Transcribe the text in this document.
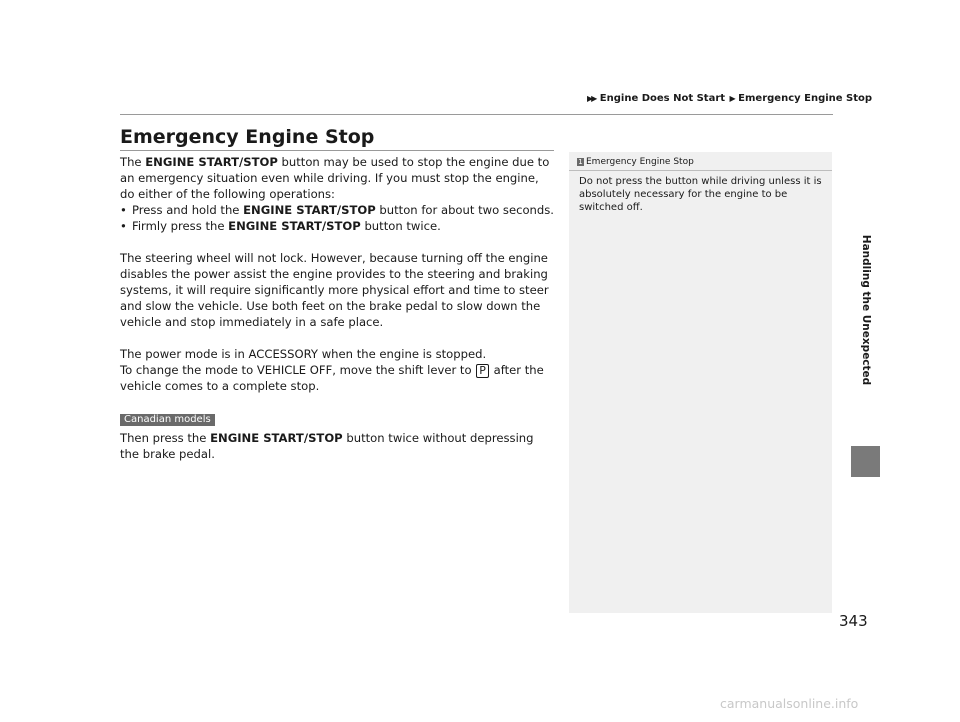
▶▶ Engine Does Not Start ▶ Emergency Engine Stop
Emergency Engine Stop

The ENGINE START/STOP button may be used to stop the engine due to an emergency situation even while driving. If you must stop the engine, do either of the following operations:

• Press and hold the ENGINE START/STOP button for about two seconds.
• Firmly press the ENGINE START/STOP button twice.

The steering wheel will not lock. However, because turning off the engine disables the power assist the engine provides to the steering and braking systems, it will require significantly more physical effort and time to steer and slow the vehicle. Use both feet on the brake pedal to slow down the vehicle and stop immediately in a safe place.

The power mode is in ACCESSORY when the engine is stopped.

To change the mode to VEHICLE OFF, move the shift lever to P after the vehicle comes to a complete stop.

Canadian models

Then press the ENGINE START/STOP button twice without depressing the brake pedal.

1 Emergency Engine Stop
Do not press the button while driving unless it is absolutely necessary for the engine to be switched off.
Handling the Unexpected
343
carmanualsonline.info
